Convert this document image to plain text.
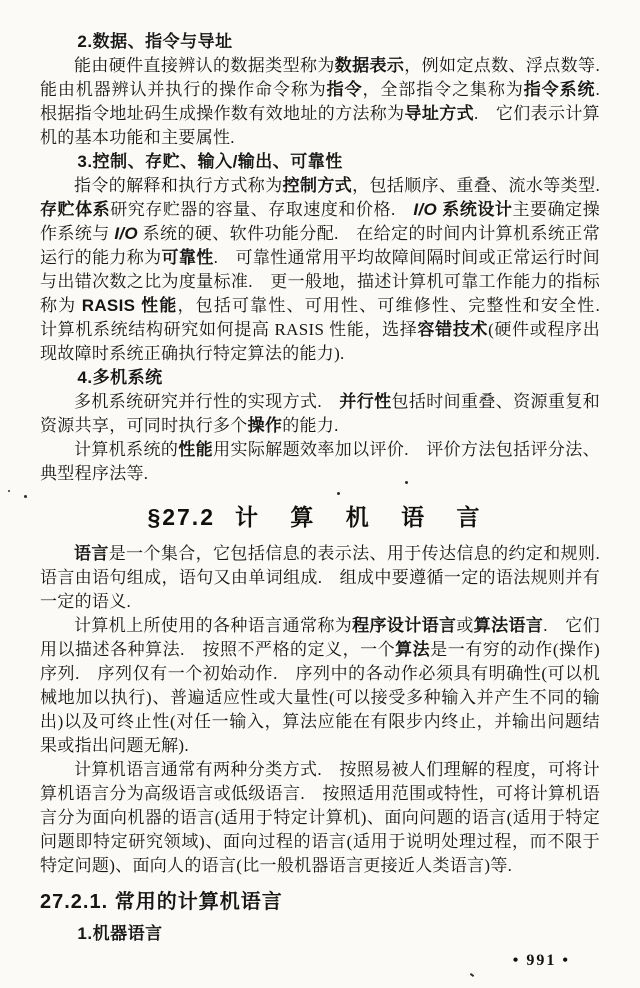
2.数据、指令与导址

能由硬件直接辨认的数据类型称为数据表示，例如定点数、浮点数等.　能由机器辨认并执行的操作命令称为指令，全部指令之集称为指令系统.　根据指令地址码生成操作数有效地址的方法称为导址方式.　它们表示计算机的基本功能和主要属性.

3.控制、存贮、输入/输出、可靠性

指令的解释和执行方式称为控制方式，包括顺序、重叠、流水等类型.　存贮体系研究存贮器的容量、存取速度和价格.　I/O 系统设计主要确定操作系统与 I/O 系统的硬、软件功能分配.　在给定的时间内计算机系统正常运行的能力称为可靠性.　可靠性通常用平均故障间隔时间或正常运行时间与出错次数之比为度量标准.　更一般地，描述计算机可靠工作能力的指标称为 RASIS 性能，包括可靠性、可用性、可维修性、完整性和安全性.　计算机系统结构研究如何提高 RASIS 性能，选择容错技术(硬件或程序出现故障时系统正确执行特定算法的能力).

4.多机系统

多机系统研究并行性的实现方式.　并行性包括时间重叠、资源重复和资源共享，可同时执行多个操作的能力.

计算机系统的性能用实际解题效率加以评价.　评价方法包括评分法、典型程序法等.

§27.2 计 算 机 语 言

语言是一个集合，它包括信息的表示法、用于传达信息的约定和规则.　语言由语句组成，语句又由单词组成.　组成中要遵循一定的语法规则并有一定的语义.

计算机上所使用的各种语言通常称为程序设计语言或算法语言.　它们用以描述各种算法.　按照不严格的定义，一个算法是一有穷的动作(操作)序列.　序列仅有一个初始动作.　序列中的各动作必须具有明确性(可以机械地加以执行)、普遍适应性或大量性(可以接受多种输入并产生不同的输出)以及可终止性(对任一输入，算法应能在有限步内终止，并输出问题结果或指出问题无解).

计算机语言通常有两种分类方式.　按照易被人们理解的程度，可将计算机语言分为高级语言或低级语言.　按照适用范围或特性，可将计算机语言分为面向机器的语言(适用于特定计算机)、面向问题的语言(适用于特定问题即特定研究领域)、面向过程的语言(适用于说明处理过程，而不限于特定问题)、面向人的语言(比一般机器语言更接近人类语言)等.

27.2.1. 常用的计算机语言

1.机器语言

• 991 •
